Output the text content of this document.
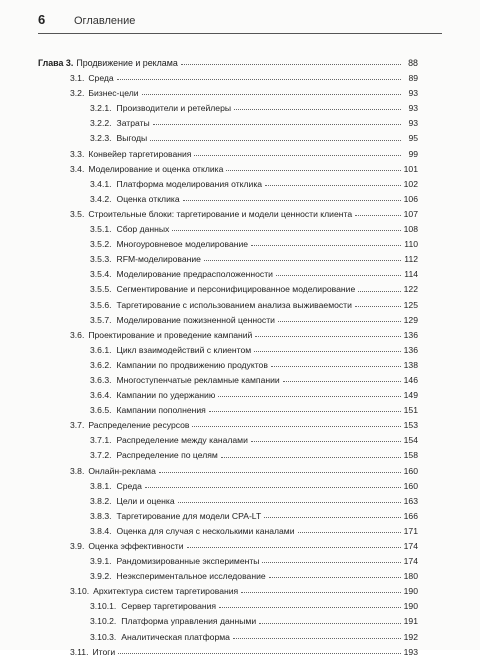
6	Оглавление
Глава 3. Продвижение и реклама	88
3.1. Среда	89
3.2. Бизнес-цели	93
3.2.1. Производители и ретейлеры	93
3.2.2. Затраты	93
3.2.3. Выгоды	95
3.3. Конвейер таргетирования	99
3.4. Моделирование и оценка отклика	101
3.4.1. Платформа моделирования отклика	102
3.4.2. Оценка отклика	106
3.5. Строительные блоки: таргетирование и модели ценности клиента	107
3.5.1. Сбор данных	108
3.5.2. Многоуровневое моделирование	110
3.5.3. RFM-моделирование	112
3.5.4. Моделирование предрасположенности	114
3.5.5. Сегментирование и персонифицированное моделирование	122
3.5.6. Таргетирование с использованием анализа выживаемости	125
3.5.7. Моделирование пожизненной ценности	129
3.6. Проектирование и проведение кампаний	136
3.6.1. Цикл взаимодействий с клиентом	136
3.6.2. Кампании по продвижению продуктов	138
3.6.3. Многоступенчатые рекламные кампании	146
3.6.4. Кампании по удержанию	149
3.6.5. Кампании пополнения	151
3.7. Распределение ресурсов	153
3.7.1. Распределение между каналами	154
3.7.2. Распределение по целям	158
3.8. Онлайн-реклама	160
3.8.1. Среда	160
3.8.2. Цели и оценка	163
3.8.3. Таргетирование для модели CPA-LT	166
3.8.4. Оценка для случая с несколькими каналами	171
3.9. Оценка эффективности	174
3.9.1. Рандомизированные эксперименты	174
3.9.2. Неэкспериментальное исследование	180
3.10. Архитектура систем таргетирования	190
3.10.1. Сервер таргетирования	190
3.10.2. Платформа управления данными	191
3.10.3. Аналитическая платформа	192
3.11. Итоги	193
